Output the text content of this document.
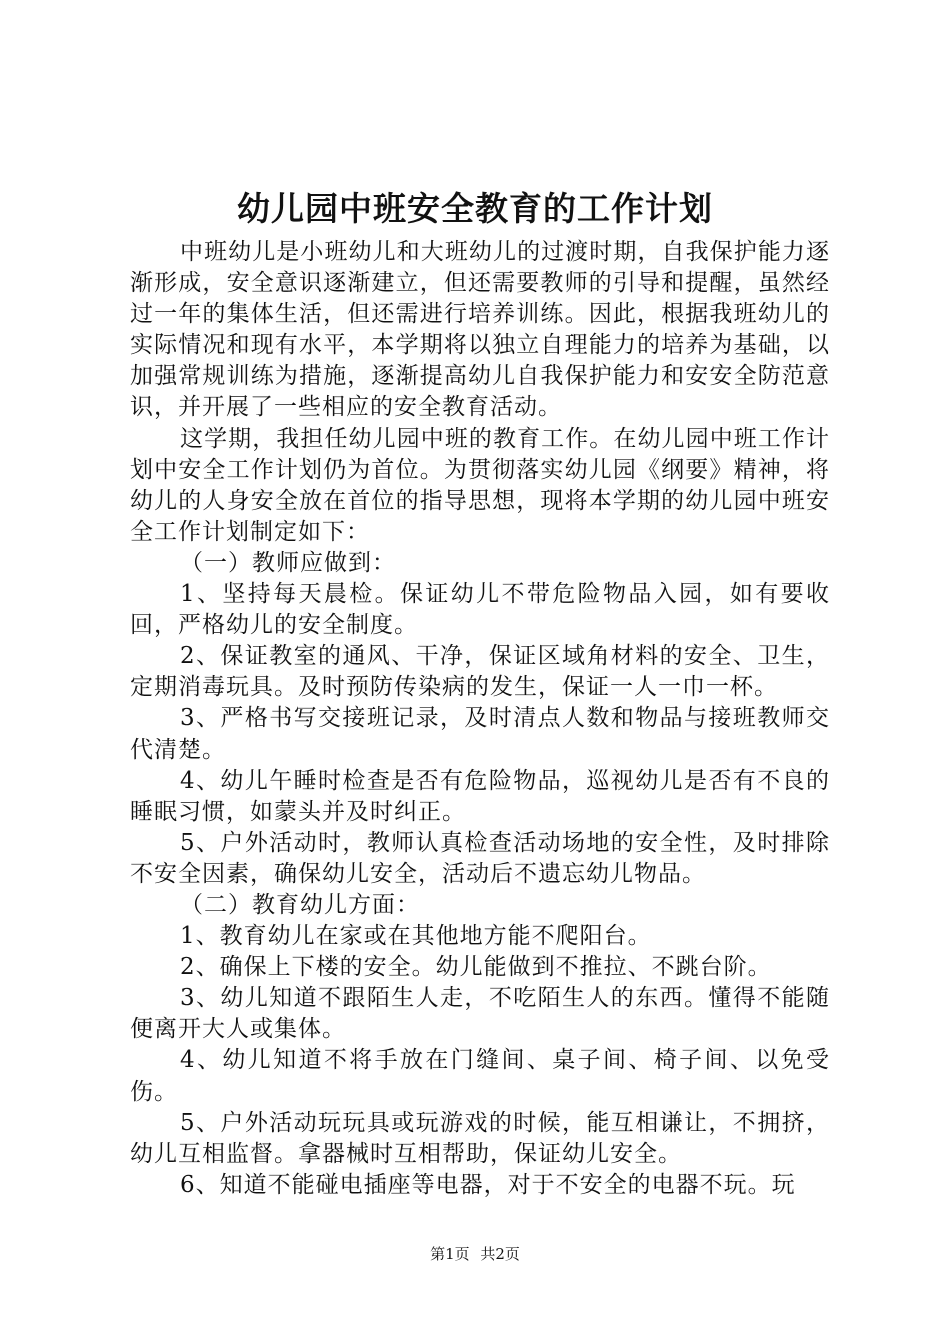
幼儿园中班安全教育的工作计划

中班幼儿是小班幼儿和大班幼儿的过渡时期，自我保护能力逐渐形成，安全意识逐渐建立，但还需要教师的引导和提醒，虽然经过一年的集体生活，但还需进行培养训练。因此，根据我班幼儿的实际情况和现有水平，本学期将以独立自理能力的培养为基础，以加强常规训练为措施，逐渐提高幼儿自我保护能力和安安全防范意识，并开展了一些相应的安全教育活动。

这学期，我担任幼儿园中班的教育工作。在幼儿园中班工作计划中安全工作计划仍为首位。为贯彻落实幼儿园《纲要》精神，将幼儿的人身安全放在首位的指导思想，现将本学期的幼儿园中班安全工作计划制定如下：

（一）教师应做到：

1、坚持每天晨检。保证幼儿不带危险物品入园，如有要收回，严格幼儿的安全制度。

2、保证教室的通风、干净，保证区域角材料的安全、卫生，定期消毒玩具。及时预防传染病的发生，保证一人一巾一杯。

3、严格书写交接班记录，及时清点人数和物品与接班教师交代清楚。

4、幼儿午睡时检查是否有危险物品，巡视幼儿是否有不良的睡眠习惯，如蒙头并及时纠正。

5、户外活动时，教师认真检查活动场地的安全性，及时排除不安全因素，确保幼儿安全，活动后不遗忘幼儿物品。

（二）教育幼儿方面：

1、教育幼儿在家或在其他地方能不爬阳台。

2、确保上下楼的安全。幼儿能做到不推拉、不跳台阶。

3、幼儿知道不跟陌生人走，不吃陌生人的东西。懂得不能随便离开大人或集体。

4、幼儿知道不将手放在门缝间、桌子间、椅子间、以免受伤。

5、户外活动玩玩具或玩游戏的时候，能互相谦让，不拥挤，幼儿互相监督。拿器械时互相帮助，保证幼儿安全。

6、知道不能碰电插座等电器，对于不安全的电器不玩。玩

第1页 共2页
